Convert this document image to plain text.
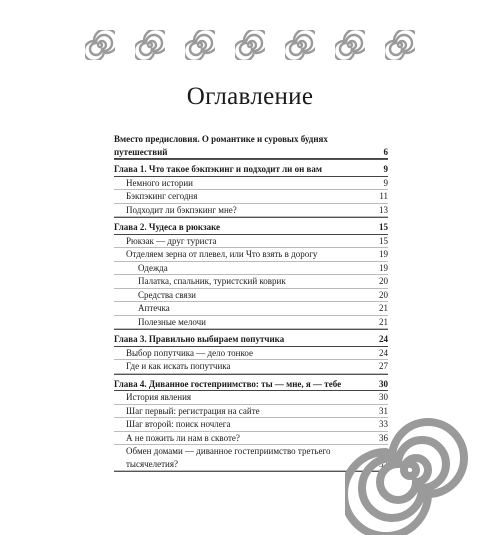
Оглавление
Вместо предисловия. О романтике и суровых буднях путешествий	6
Глава 1. Что такое бэкпэкинг и подходит ли он вам	9
Немного истории	9
Бэкпэкинг сегодня	11
Подходит ли бэкпэкинг мне?	13
Глава 2. Чудеса в рюкзаке	15
Рюкзак — друг туриста	15
Отделяем зерна от плевел, или Что взять в дорогу	19
Одежда	19
Палатка, спальник, туристский коврик	20
Средства связи	20
Аптечка	21
Полезные мелочи	21
Глава 3. Правильно выбираем попутчика	24
Выбор попутчика — дело тонкое	24
Где и как искать попутчика	27
Глава 4. Диванное гостеприимство: ты — мне, я — тебе	30
История явления	30
Шаг первый: регистрация на сайте	31
Шаг второй: поиск ночлега	33
А не пожить ли нам в сквоте?	36
Обмен домами — диванное гостеприимство третьего тысячелетия?	37
